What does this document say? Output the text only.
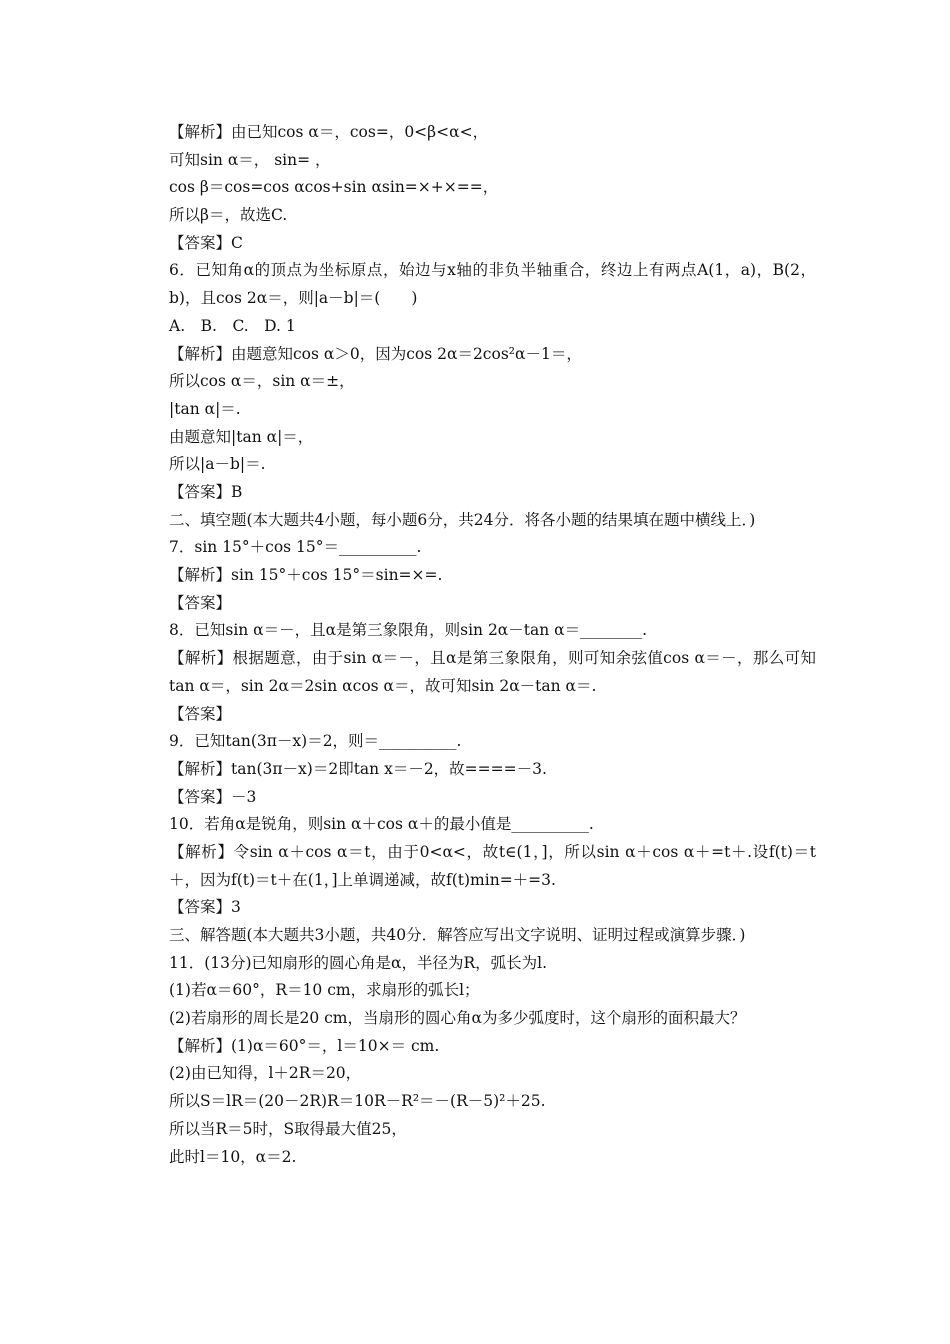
【解析】由已知cos α＝，cos=，0<β<α<，
可知sin α＝， sin= ，
cos β＝cos=cos αcos+sin αsin=×+×==，
所以β＝，故选C.
【答案】C
6．已知角α的顶点为坐标原点，始边与x轴的非负半轴重合，终边上有两点A(1，a)，B(2，b)，且cos 2α＝，则|a－b|＝(　　)
A.　B.　C.　D. 1
【解析】由题意知cos α＞0，因为cos 2α＝2cos²α－1＝，
所以cos α＝，sin α＝±，
|tan α|＝.
由题意知|tan α|＝，
所以|a－b|＝.
【答案】B
二、填空题(本大题共4小题，每小题6分，共24分．将各小题的结果填在题中横线上．)
7．sin 15°＋cos 15°＝__________.
【解析】sin 15°＋cos 15°＝sin=×=.
【答案】
8．已知sin α＝－，且α是第三象限角，则sin 2α－tan α＝________.
【解析】根据题意，由于sin α＝－，且α是第三象限角，则可知余弦值cos α＝－，那么可知tan α＝，sin 2α＝2sin αcos α＝，故可知sin 2α－tan α＝.
【答案】
9．已知tan(3π－x)＝2，则＝__________.
【解析】tan(3π－x)＝2即tan x＝－2，故====－3.
【答案】－3
10．若角α是锐角，则sin α＋cos α＋的最小值是__________.
【解析】令sin α＋cos α＝t，由于0<α<，故t∈(1，]，所以sin α＋cos α＋=t＋.设f(t)＝t＋，因为f(t)＝t＋在(1，]上单调递减，故f(t)min=＋=3.
【答案】3
三、解答题(本大题共3小题，共40分．解答应写出文字说明、证明过程或演算步骤．)
11．(13分)已知扇形的圆心角是α，半径为R，弧长为l.
(1)若α＝60°，R＝10 cm，求扇形的弧长l；
(2)若扇形的周长是20 cm，当扇形的圆心角α为多少弧度时，这个扇形的面积最大？
【解析】(1)α＝60°＝，l＝10×＝ cm.
(2)由已知得，l＋2R＝20，
所以S＝lR＝(20－2R)R＝10R－R²＝－(R－5)²＋25.
所以当R＝5时，S取得最大值25，
此时l＝10，α＝2.
